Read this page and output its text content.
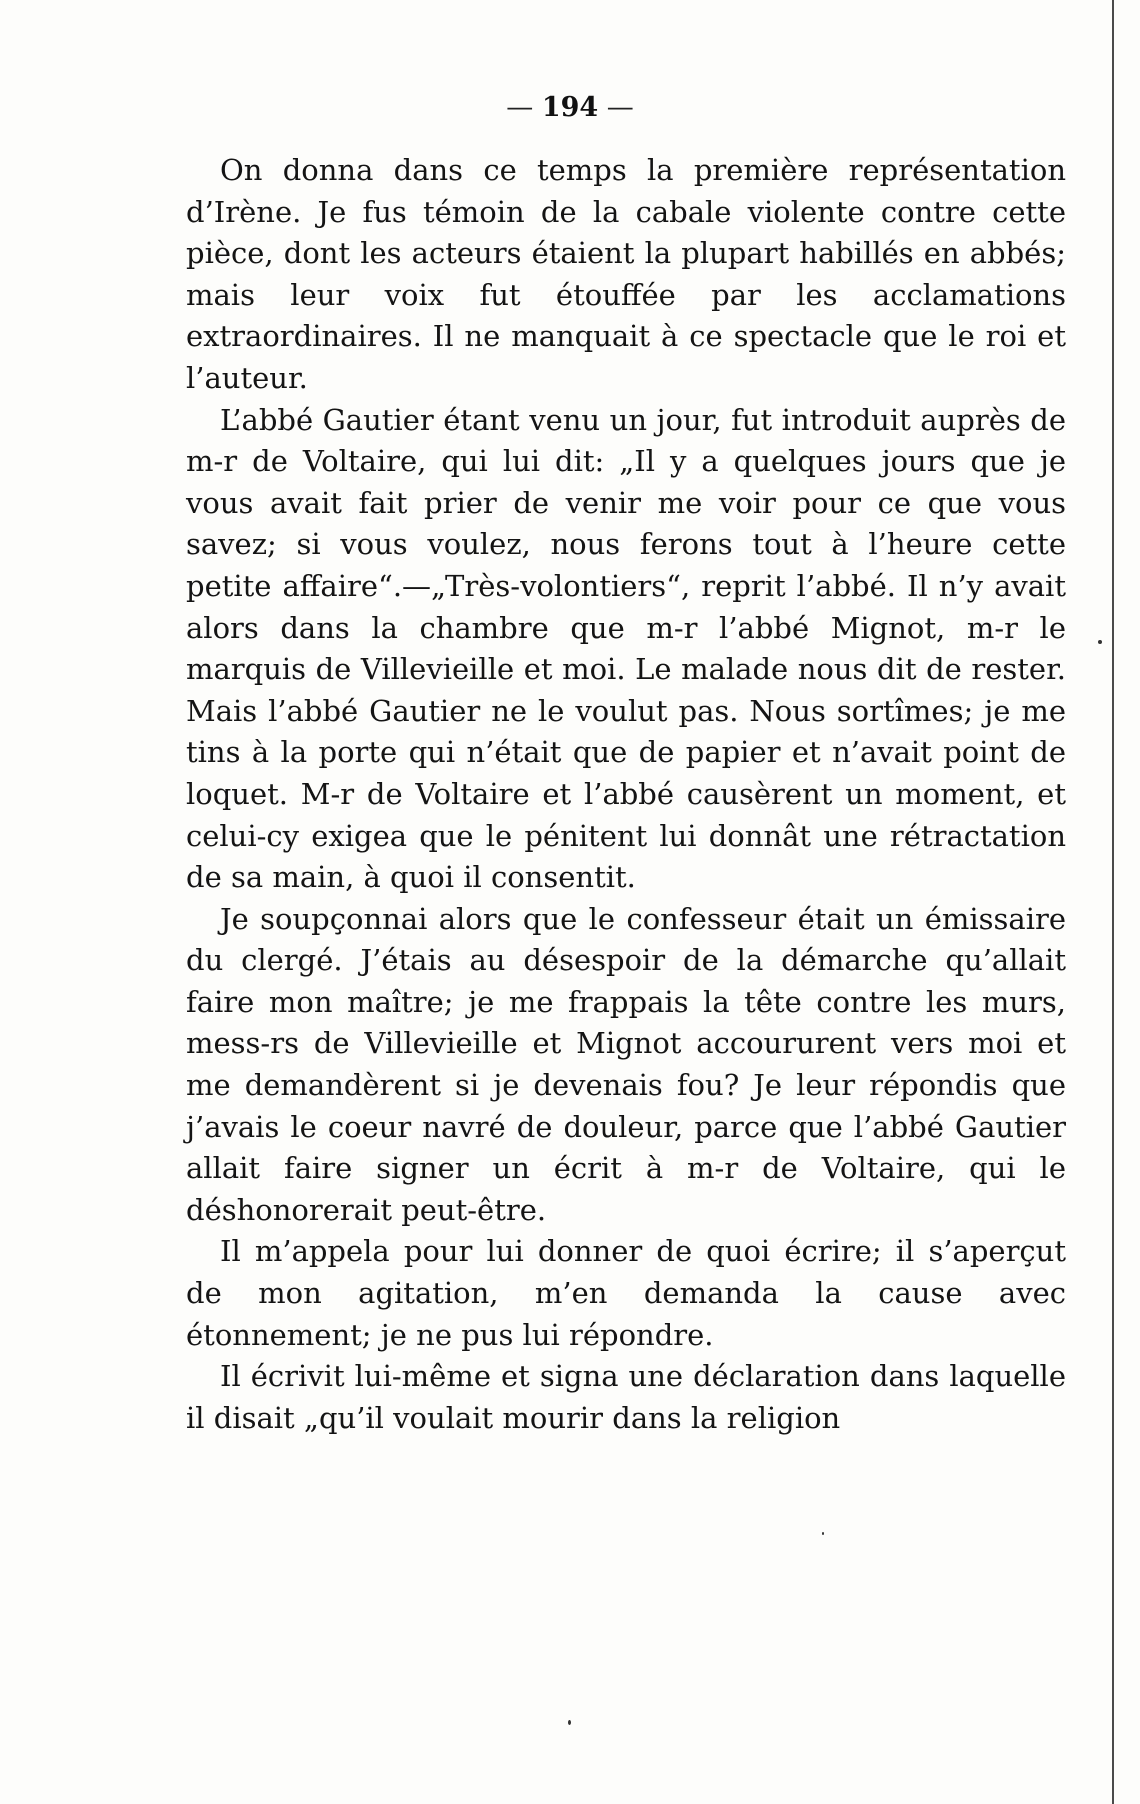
— 194 —

On donna dans ce temps la première représentation d’Irène. Je fus témoin de la cabale violente contre cette pièce, dont les acteurs étaient la plupart habillés en abbés; mais leur voix fut étouffée par les acclamations extraordinaires. Il ne manquait à ce spectacle que le roi et l’auteur.

L’abbé Gautier étant venu un jour, fut introduit auprès de m-r de Voltaire, qui lui dit: „Il y a quelques jours que je vous avait fait prier de venir me voir pour ce que vous savez; si vous voulez, nous ferons tout à l’heure cette petite affaire“.—„Très-volontiers“, reprit l’abbé. Il n’y avait alors dans la chambre que m-r l’abbé Mignot, m-r le marquis de Villevieille et moi. Le malade nous dit de rester. Mais l’abbé Gautier ne le voulut pas. Nous sortîmes; je me tins à la porte qui n’était que de papier et n’avait point de loquet. M-r de Voltaire et l’abbé causèrent un moment, et celui-cy exigea que le pénitent lui donnât une rétractation de sa main, à quoi il consentit.

Je soupçonnai alors que le confesseur était un émissaire du clergé. J’étais au désespoir de la démarche qu’allait faire mon maître; je me frappais la tête contre les murs, mess-rs de Villevieille et Mignot accoururent vers moi et me demandèrent si je devenais fou? Je leur répondis que j’avais le coeur navré de douleur, parce que l’abbé Gautier allait faire signer un écrit à m-r de Voltaire, qui le déshonorerait peut-être.

Il m’appela pour lui donner de quoi écrire; il s’aperçut de mon agitation, m’en demanda la cause avec étonnement; je ne pus lui répondre.

Il écrivit lui-même et signa une déclaration dans laquelle il disait „qu’il voulait mourir dans la religion
